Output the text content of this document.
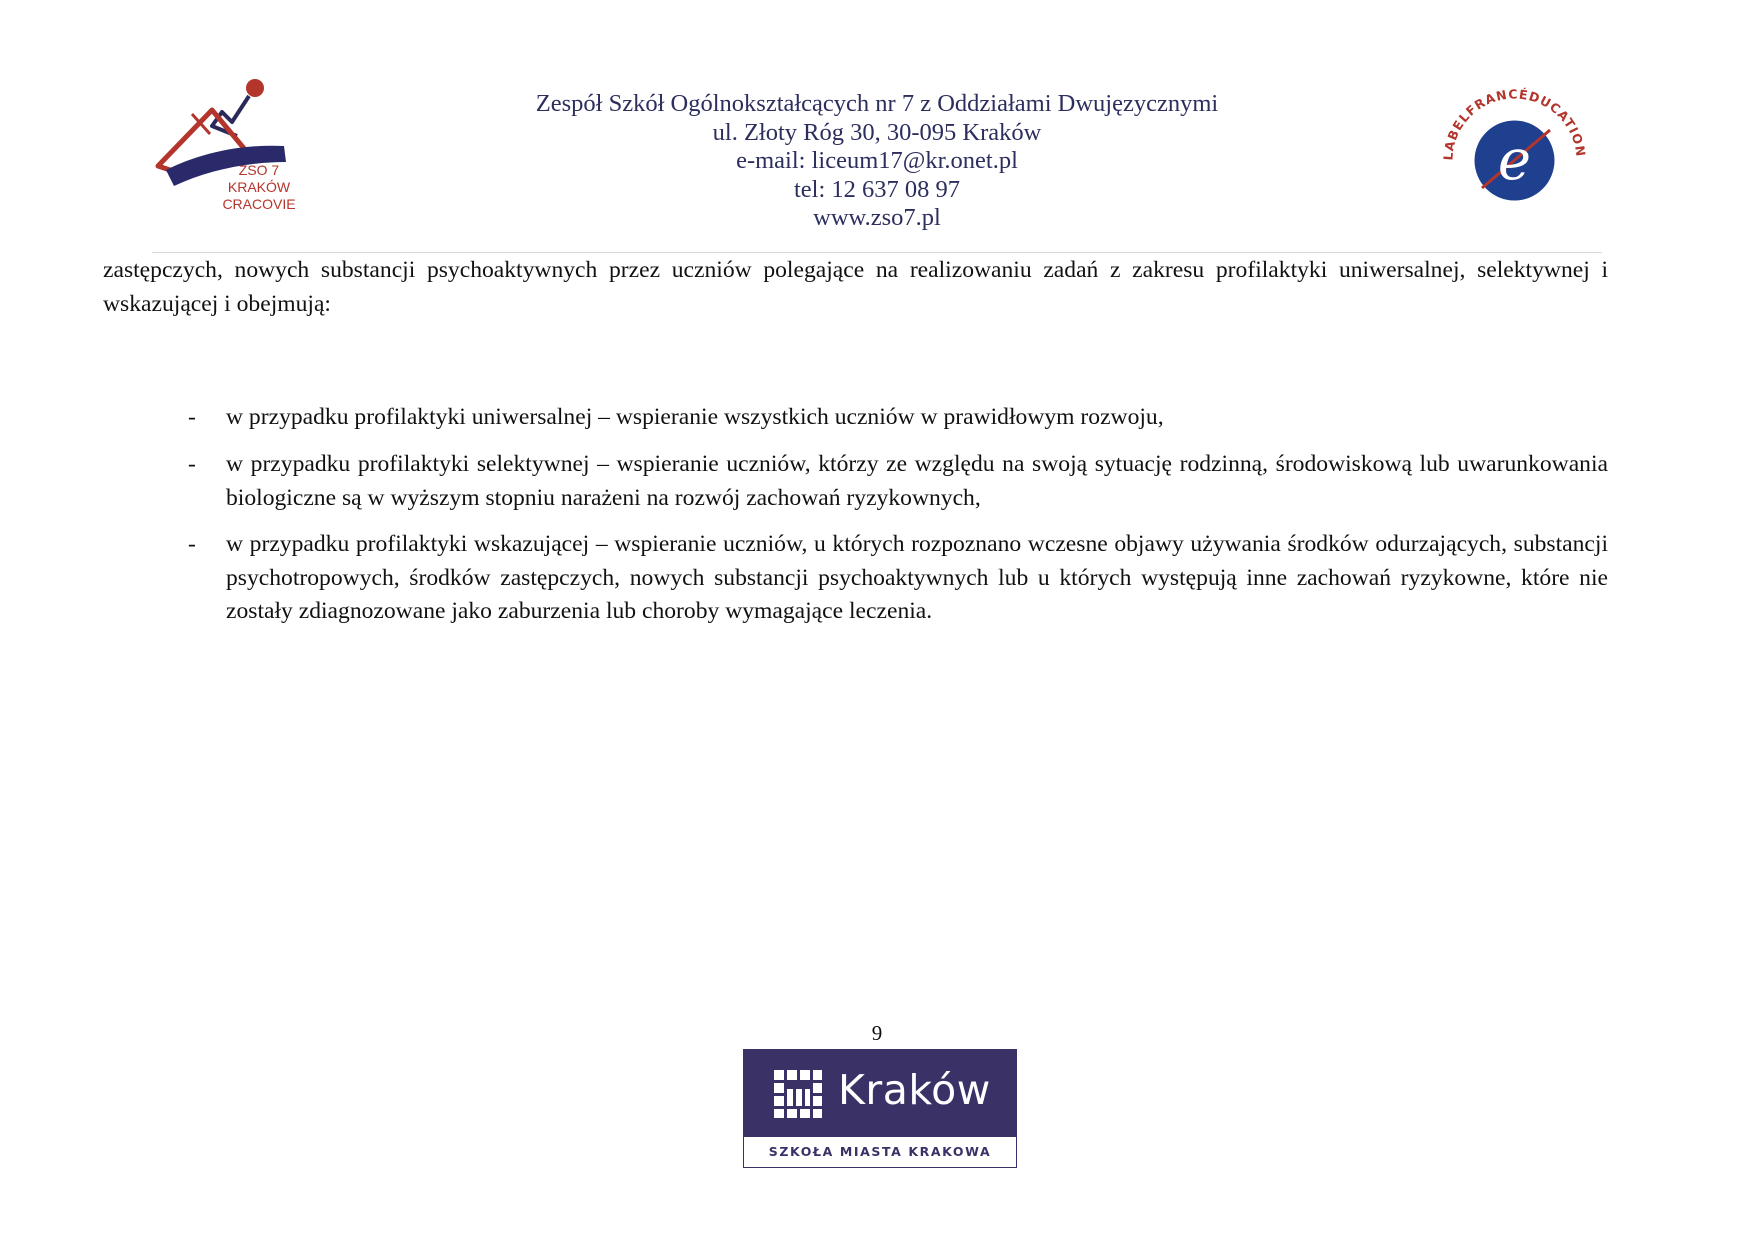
ZSO 7
KRAKÓW
CRACOVIE
Zespół Szkół Ogólnokształcących nr 7 z Oddziałami Dwujęzycznymi
ul. Złoty Róg 30, 30-095 Kraków
e-mail: liceum17@kr.onet.pl
tel: 12 637 08 97
www.zso7.pl
LABELFRANCÉDUCATION
e

zastępczych, nowych substancji psychoaktywnych przez uczniów polegające na realizowaniu zadań z zakresu profilaktyki uniwersalnej, selektywnej i wskazującej i obejmują:

- w przypadku profilaktyki uniwersalnej – wspieranie wszystkich uczniów w prawidłowym rozwoju,
- w przypadku profilaktyki selektywnej – wspieranie uczniów, którzy ze względu na swoją sytuację rodzinną, środowiskową lub uwarunkowania biologiczne są w wyższym stopniu narażeni na rozwój zachowań ryzykownych,
- w przypadku profilaktyki wskazującej – wspieranie uczniów, u których rozpoznano wczesne objawy używania środków odurzających, substancji psychotropowych, środków zastępczych, nowych substancji psychoaktywnych lub u których występują inne zachowań ryzykowne, które nie zostały zdiagnozowane jako zaburzenia lub choroby wymagające leczenia.
9
Kraków
SZKOŁA MIASTA KRAKOWA
